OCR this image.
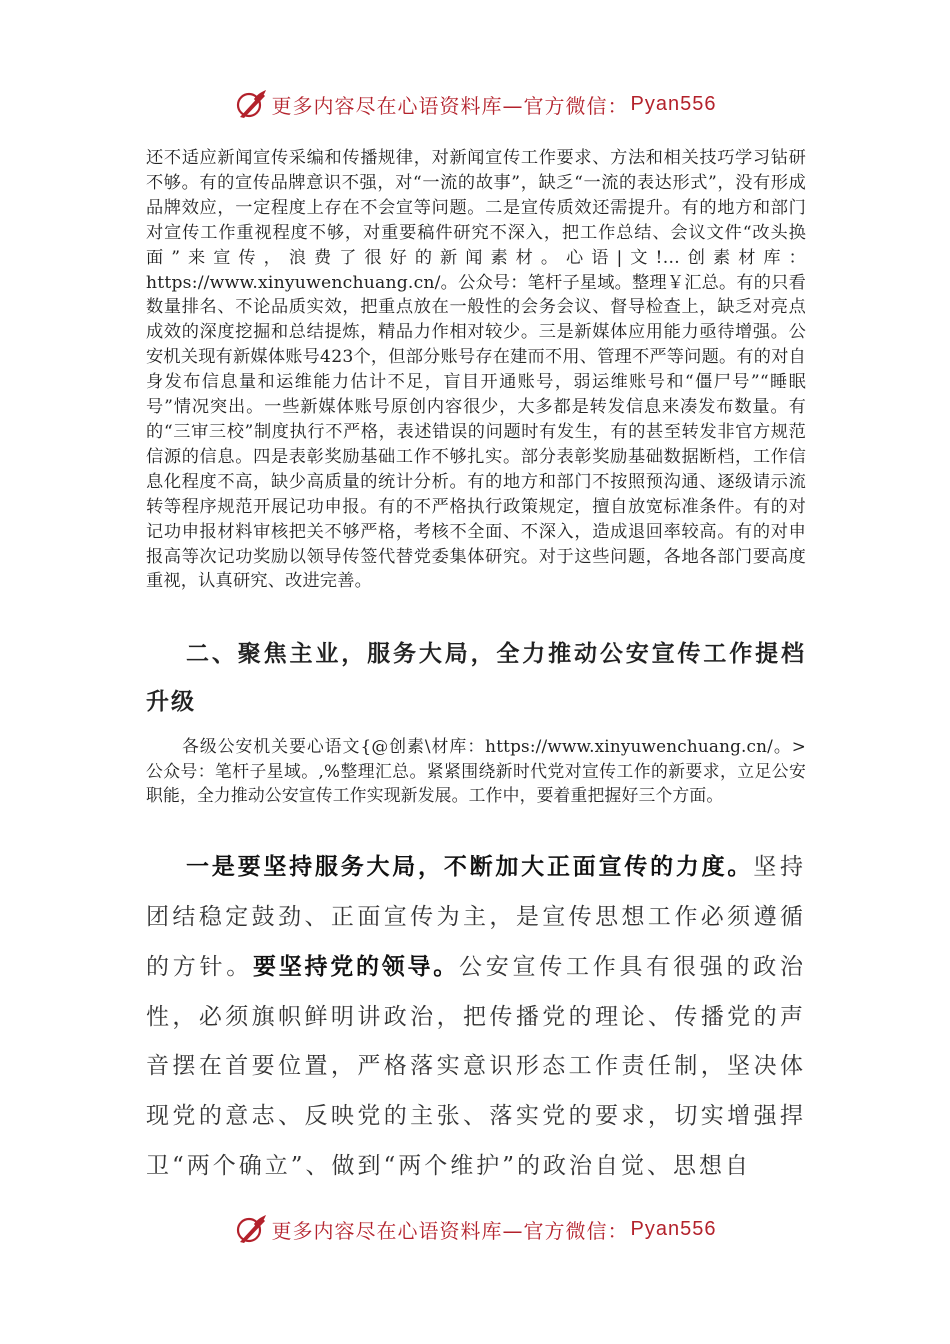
更多内容尽在心语资料库—官方微信： Pyan556
还不适应新闻宣传采编和传播规律，对新闻宣传工作要求、方法和相关技巧学习钻研不够。有的宣传品牌意识不强，对“一流的故事”，缺乏“一流的表达形式”，没有形成品牌效应，一定程度上存在不会宣等问题。二是宣传质效还需提升。有的地方和部门对宣传工作重视程度不够，对重要稿件研究不深入，把工作总结、会议文件“改头换面”来宣传，浪费了很好的新闻素材。心语|文!…创素材库：https://www.xinyuwenchuang.cn/。公众号：笔杆子星域。整理￥汇总。有的只看数量排名、不论品质实效，把重点放在一般性的会务会议、督导检查上，缺乏对亮点成效的深度挖掘和总结提炼，精品力作相对较少。三是新媒体应用能力亟待增强。公安机关现有新媒体账号423个，但部分账号存在建而不用、管理不严等问题。有的对自身发布信息量和运维能力估计不足，盲目开通账号，弱运维账号和“僵尸号”“睡眠号”情况突出。一些新媒体账号原创内容很少，大多都是转发信息来凑发布数量。有的“三审三校”制度执行不严格，表述错误的问题时有发生，有的甚至转发非官方规范信源的信息。四是表彰奖励基础工作不够扎实。部分表彰奖励基础数据断档，工作信息化程度不高，缺少高质量的统计分析。有的地方和部门不按照预沟通、逐级请示流转等程序规范开展记功申报。有的不严格执行政策规定，擅自放宽标准条件。有的对记功申报材料审核把关不够严格，考核不全面、不深入，造成退回率较高。有的对申报高等次记功奖励以领导传签代替党委集体研究。对于这些问题，各地各部门要高度重视，认真研究、改进完善。
二、聚焦主业，服务大局，全力推动公安宣传工作提档升级
各级公安机关要心语文{@创素\材库：https://www.xinyuwenchuang.cn/。>公众号：笔杆子星域。,%整理汇总。紧紧围绕新时代党对宣传工作的新要求，立足公安职能，全力推动公安宣传工作实现新发展。工作中，要着重把握好三个方面。
一是要坚持服务大局，不断加大正面宣传的力度。坚持团结稳定鼓劲、正面宣传为主，是宣传思想工作必须遵循的方针。要坚持党的领导。公安宣传工作具有很强的政治性，必须旗帜鲜明讲政治，把传播党的理论、传播党的声音摆在首要位置，严格落实意识形态工作责任制，坚决体现党的意志、反映党的主张、落实党的要求，切实增强捍卫“两个确立”、做到“两个维护”的政治自觉、思想自
更多内容尽在心语资料库—官方微信： Pyan556
